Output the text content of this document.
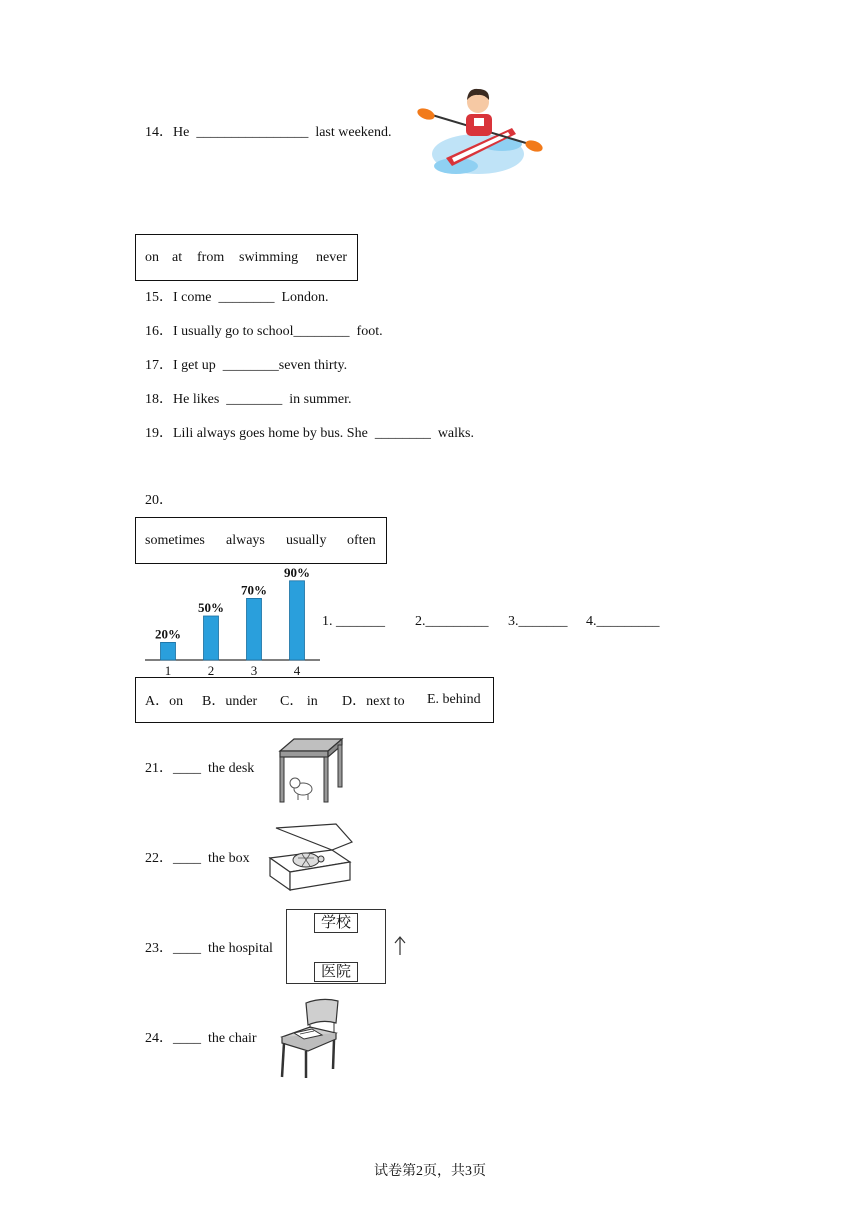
14．He ________________ last weekend.
on at from swimming never
15．I come ________ London.
16．I usually go to school________ foot.
17．I get up ________seven thirty.
18．He likes ________ in summer.
19．Lili always goes home by bus. She ________ walks.
20．
sometimes always usually often
20%
1
50%
2
70%
3
90%
4
1. _______ 2._________ 3._______ 4._________
A．on B．under C． in D．next to E. behind
21．____ the desk
22．____ the box
23．____ the hospital
学校
医院
24．____ the chair
试卷第2页，共3页
